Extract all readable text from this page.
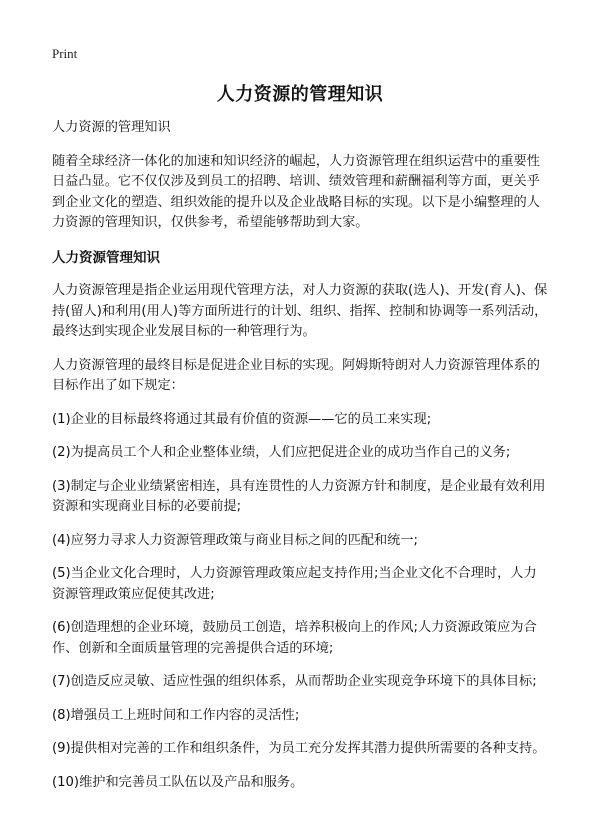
Print
人力资源的管理知识

人力资源的管理知识

随着全球经济一体化的加速和知识经济的崛起，人力资源管理在组织运营中的重要性日益凸显。它不仅仅涉及到员工的招聘、培训、绩效管理和薪酬福利等方面，更关乎到企业文化的塑造、组织效能的提升以及企业战略目标的实现。以下是小编整理的人力资源的管理知识，仅供参考，希望能够帮助到大家。

人力资源管理知识

人力资源管理是指企业运用现代管理方法，对人力资源的获取(选人)、开发(育人)、保持(留人)和利用(用人)等方面所进行的计划、组织、指挥、控制和协调等一系列活动，最终达到实现企业发展目标的一种管理行为。

人力资源管理的最终目标是促进企业目标的实现。阿姆斯特朗对人力资源管理体系的目标作出了如下规定：

(1)企业的目标最终将通过其最有价值的资源——它的员工来实现;

(2)为提高员工个人和企业整体业绩，人们应把促进企业的成功当作自己的义务;

(3)制定与企业业绩紧密相连，具有连贯性的人力资源方针和制度，是企业最有效利用资源和实现商业目标的必要前提;

(4)应努力寻求人力资源管理政策与商业目标之间的匹配和统一;

(5)当企业文化合理时，人力资源管理政策应起支持作用;当企业文化不合理时，人力资源管理政策应促使其改进;

(6)创造理想的企业环境，鼓励员工创造，培养积极向上的作风;人力资源政策应为合作、创新和全面质量管理的完善提供合适的环境;

(7)创造反应灵敏、适应性强的组织体系，从而帮助企业实现竞争环境下的具体目标;

(8)增强员工上班时间和工作内容的灵活性;

(9)提供相对完善的工作和组织条件，为员工充分发挥其潜力提供所需要的各种支持。

(10)维护和完善员工队伍以及产品和服务。
